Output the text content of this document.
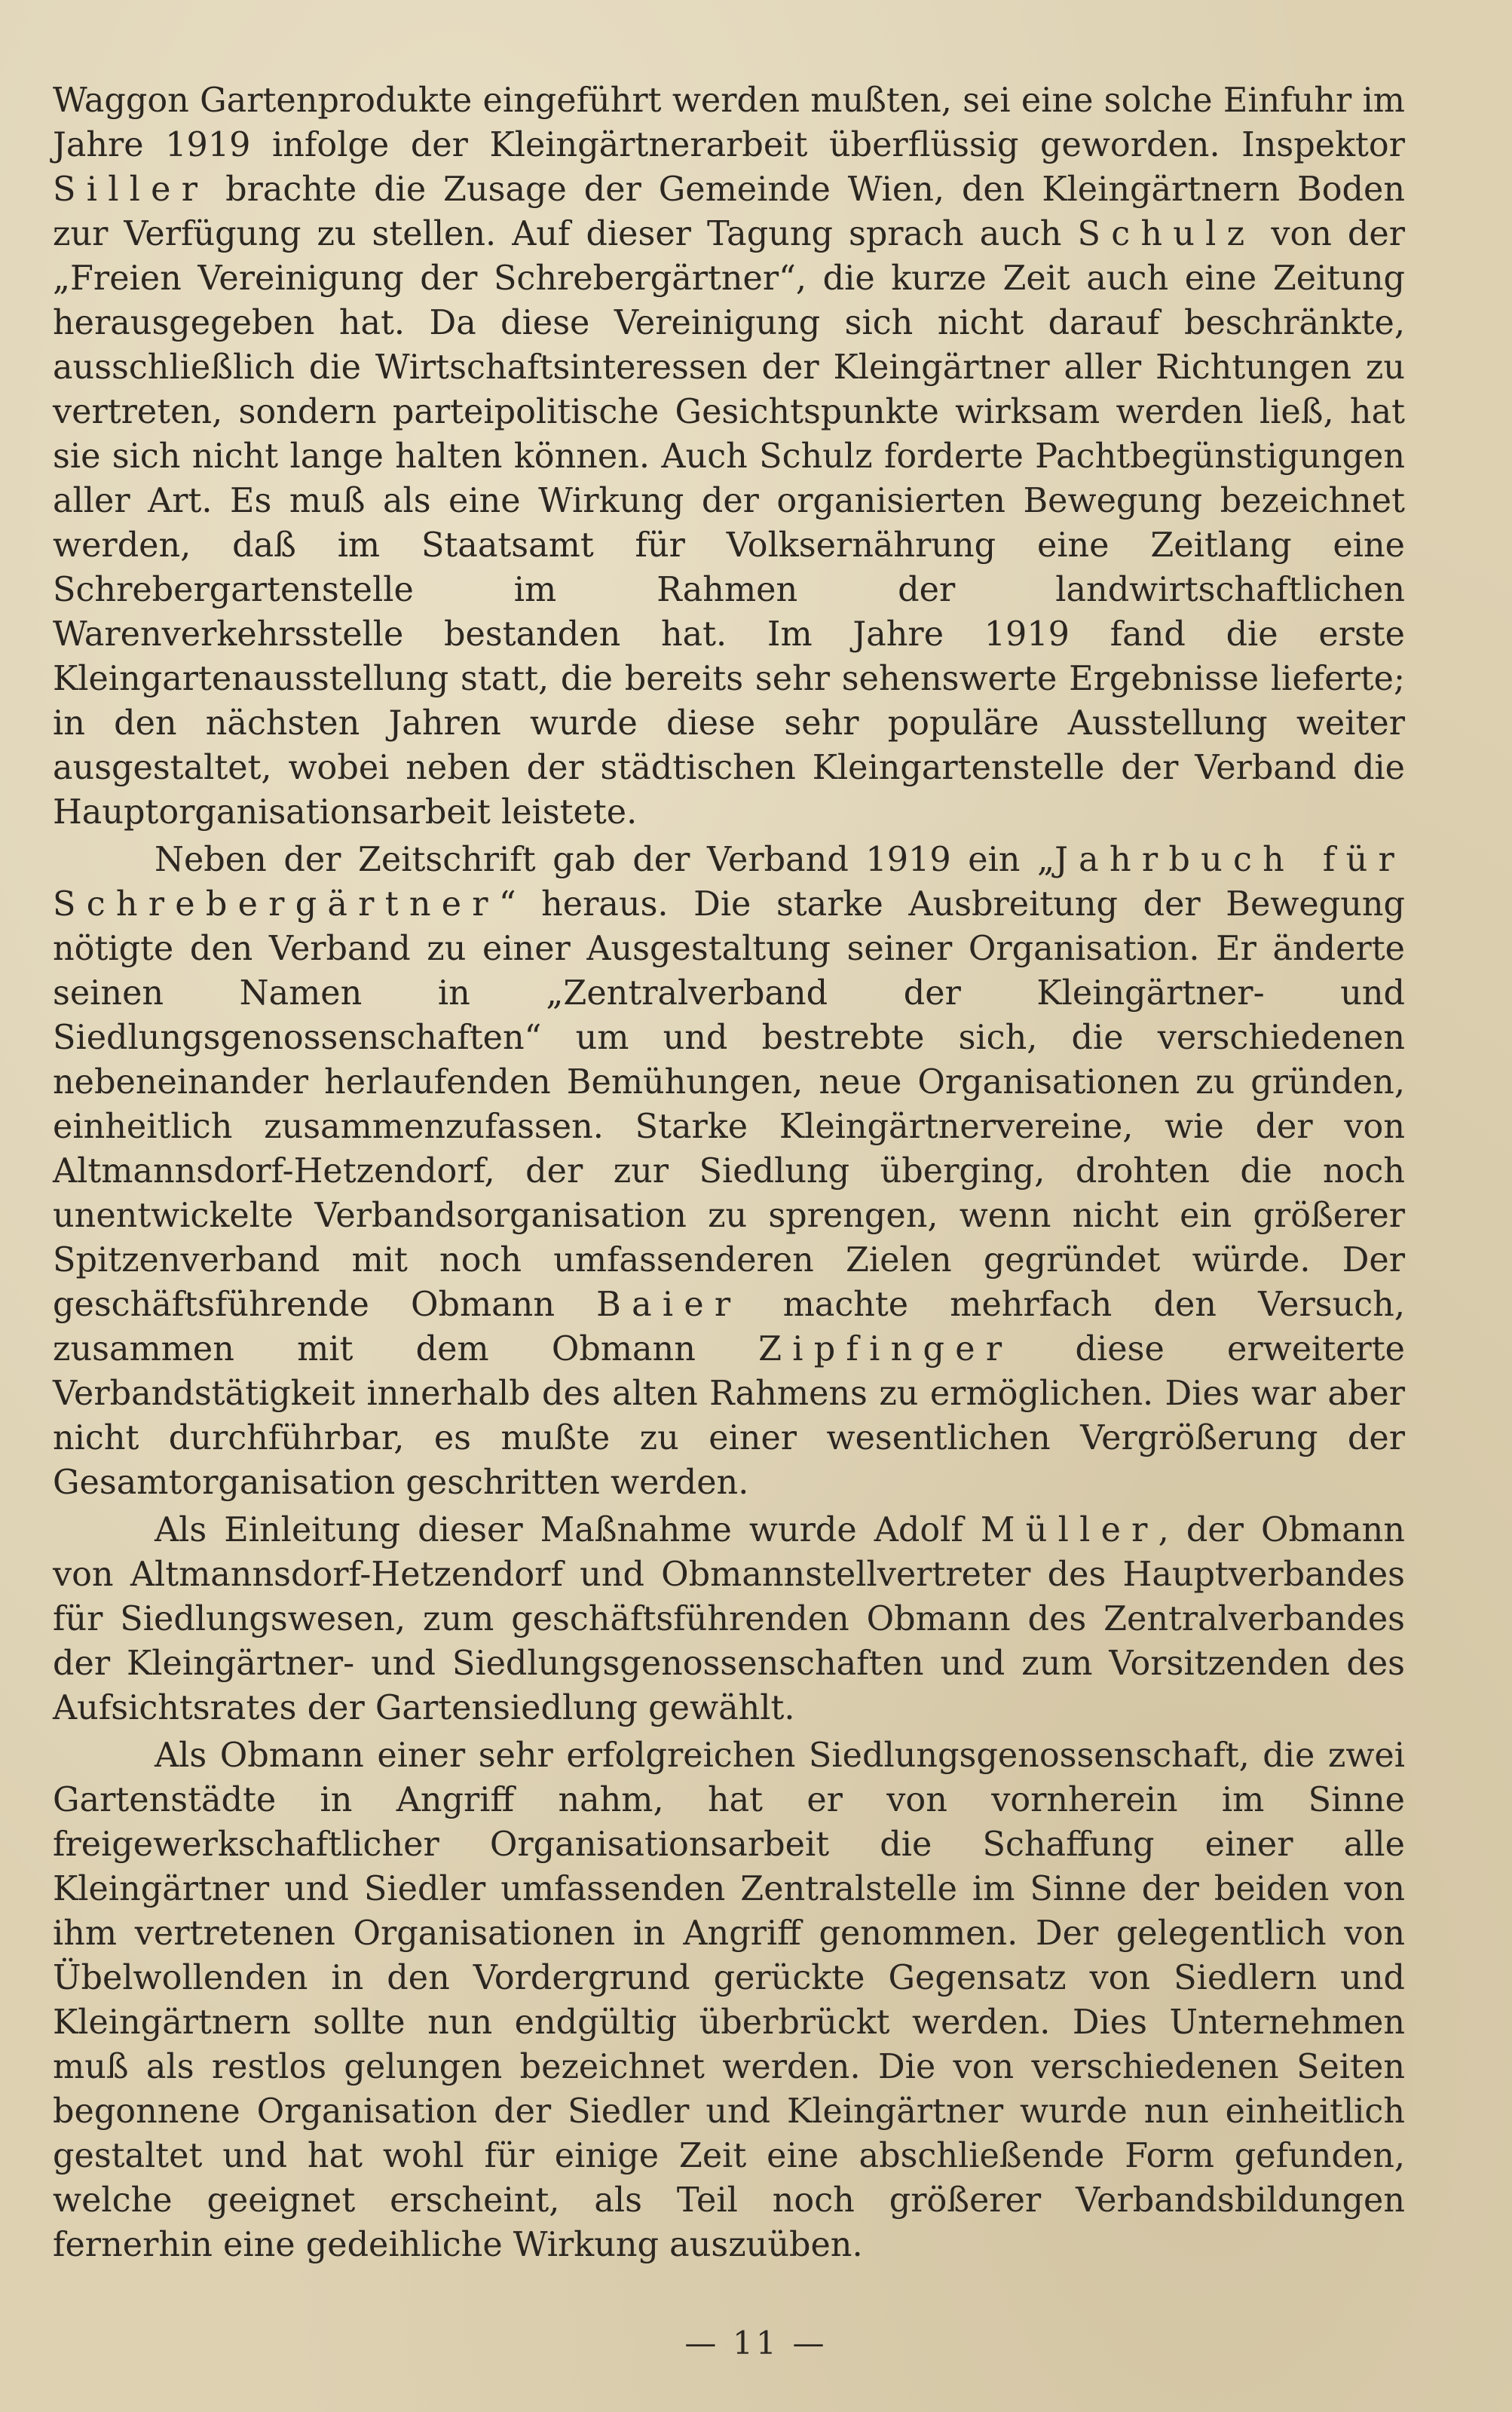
Waggon Gartenprodukte eingeführt werden mußten, sei eine solche Einfuhr im Jahre 1919 infolge der Kleingärtnerarbeit überflüssig geworden. Inspektor Siller brachte die Zusage der Gemeinde Wien, den Kleingärtnern Boden zur Verfügung zu stellen. Auf dieser Tagung sprach auch Schulz von der „Freien Vereinigung der Schrebergärtner“, die kurze Zeit auch eine Zeitung herausgegeben hat. Da diese Vereinigung sich nicht darauf beschränkte, ausschließlich die Wirtschaftsinteressen der Kleingärtner aller Richtungen zu vertreten, sondern parteipolitische Gesichtspunkte wirksam werden ließ, hat sie sich nicht lange halten können. Auch Schulz forderte Pachtbegünstigungen aller Art. Es muß als eine Wirkung der organisierten Bewegung bezeichnet werden, daß im Staatsamt für Volksernährung eine Zeitlang eine Schrebergartenstelle im Rahmen der landwirtschaftlichen Warenverkehrsstelle bestanden hat. Im Jahre 1919 fand die erste Kleingartenausstellung statt, die bereits sehr sehenswerte Ergebnisse lieferte; in den nächsten Jahren wurde diese sehr populäre Ausstellung weiter ausgestaltet, wobei neben der städtischen Kleingartenstelle der Verband die Hauptorganisationsarbeit leistete.

Neben der Zeitschrift gab der Verband 1919 ein „Jahrbuch für Schrebergärtner“ heraus. Die starke Ausbreitung der Bewegung nötigte den Verband zu einer Ausgestaltung seiner Organisation. Er änderte seinen Namen in „Zentralverband der Kleingärtner- und Siedlungsgenossenschaften“ um und bestrebte sich, die verschiedenen nebeneinander herlaufenden Bemühungen, neue Organisationen zu gründen, einheitlich zusammenzufassen. Starke Kleingärtnervereine, wie der von Altmannsdorf-Hetzendorf, der zur Siedlung überging, drohten die noch unentwickelte Verbandsorganisation zu sprengen, wenn nicht ein größerer Spitzenverband mit noch umfassenderen Zielen gegründet würde. Der geschäftsführende Obmann Baier machte mehrfach den Versuch, zusammen mit dem Obmann Zipfinger diese erweiterte Verbandstätigkeit innerhalb des alten Rahmens zu ermöglichen. Dies war aber nicht durchführbar, es mußte zu einer wesentlichen Vergrößerung der Gesamtorganisation geschritten werden.

Als Einleitung dieser Maßnahme wurde Adolf Müller, der Obmann von Altmannsdorf-Hetzendorf und Obmannstellvertreter des Hauptverbandes für Siedlungswesen, zum geschäftsführenden Obmann des Zentralverbandes der Kleingärtner- und Siedlungsgenossenschaften und zum Vorsitzenden des Aufsichtsrates der Gartensiedlung gewählt.

Als Obmann einer sehr erfolgreichen Siedlungsgenossenschaft, die zwei Gartenstädte in Angriff nahm, hat er von vornherein im Sinne freigewerkschaftlicher Organisationsarbeit die Schaffung einer alle Kleingärtner und Siedler umfassenden Zentralstelle im Sinne der beiden von ihm vertretenen Organisationen in Angriff genommen. Der gelegentlich von Übelwollenden in den Vordergrund gerückte Gegensatz von Siedlern und Kleingärtnern sollte nun endgültig überbrückt werden. Dies Unternehmen muß als restlos gelungen bezeichnet werden. Die von verschiedenen Seiten begonnene Organisation der Siedler und Kleingärtner wurde nun einheitlich gestaltet und hat wohl für einige Zeit eine abschließende Form gefunden, welche geeignet erscheint, als Teil noch größerer Verbandsbildungen fernerhin eine gedeihliche Wirkung auszuüben.

— 11 —
